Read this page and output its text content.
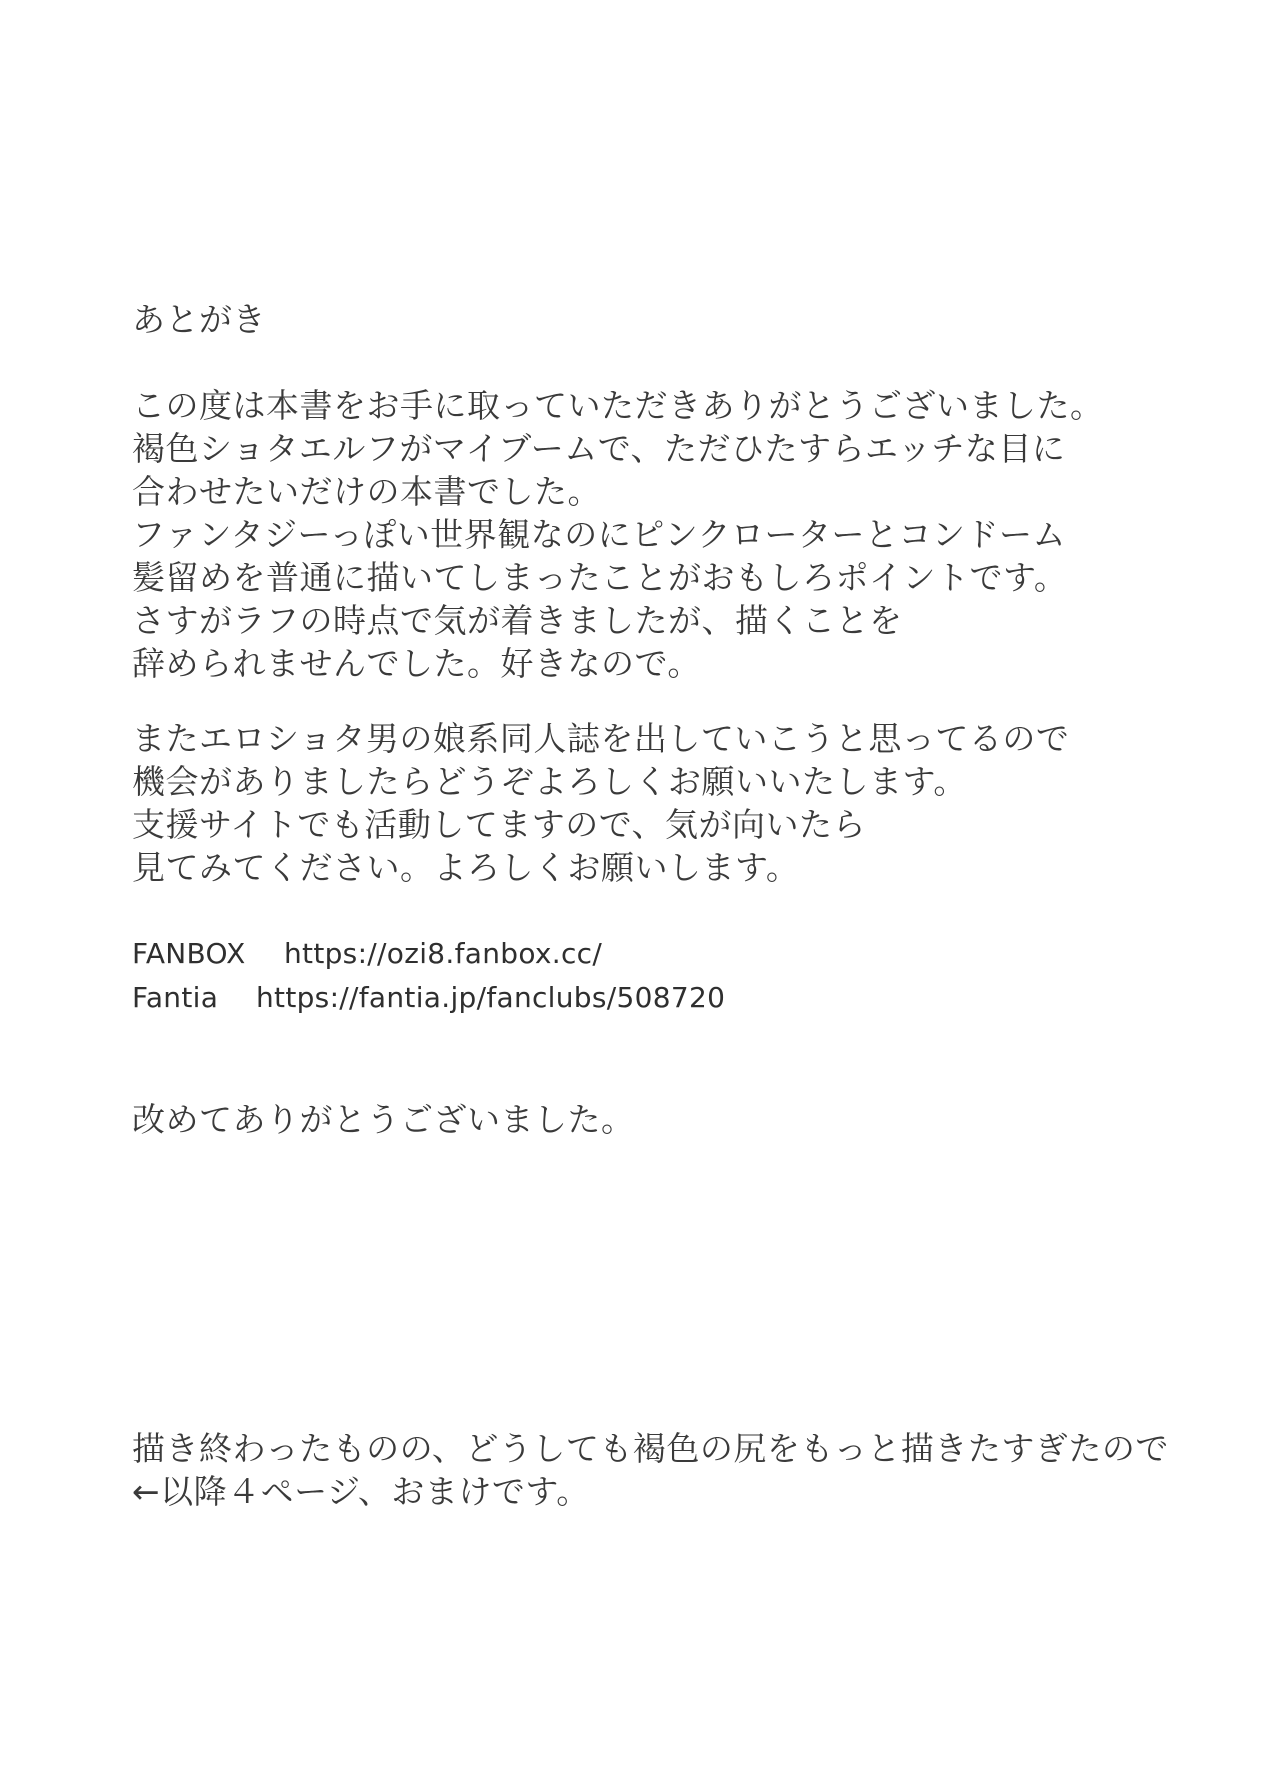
あとがき
この度は本書をお手に取っていただきありがとうございました。
褐色ショタエルフがマイブームで、ただひたすらエッチな目に
合わせたいだけの本書でした。
ファンタジーっぽい世界観なのにピンクローターとコンドーム
髪留めを普通に描いてしまったことがおもしろポイントです。
さすがラフの時点で気が着きましたが、描くことを
辞められませんでした。好きなので。
またエロショタ男の娘系同人誌を出していこうと思ってるので
機会がありましたらどうぞよろしくお願いいたします。
支援サイトでも活動してますので、気が向いたら
見てみてください。よろしくお願いします。
FANBOX https://ozi8.fanbox.cc/
Fantia https://fantia.jp/fanclubs/508720
改めてありがとうございました。
描き終わったものの、どうしても褐色の尻をもっと描きたすぎたので
←以降４ページ、おまけです。
